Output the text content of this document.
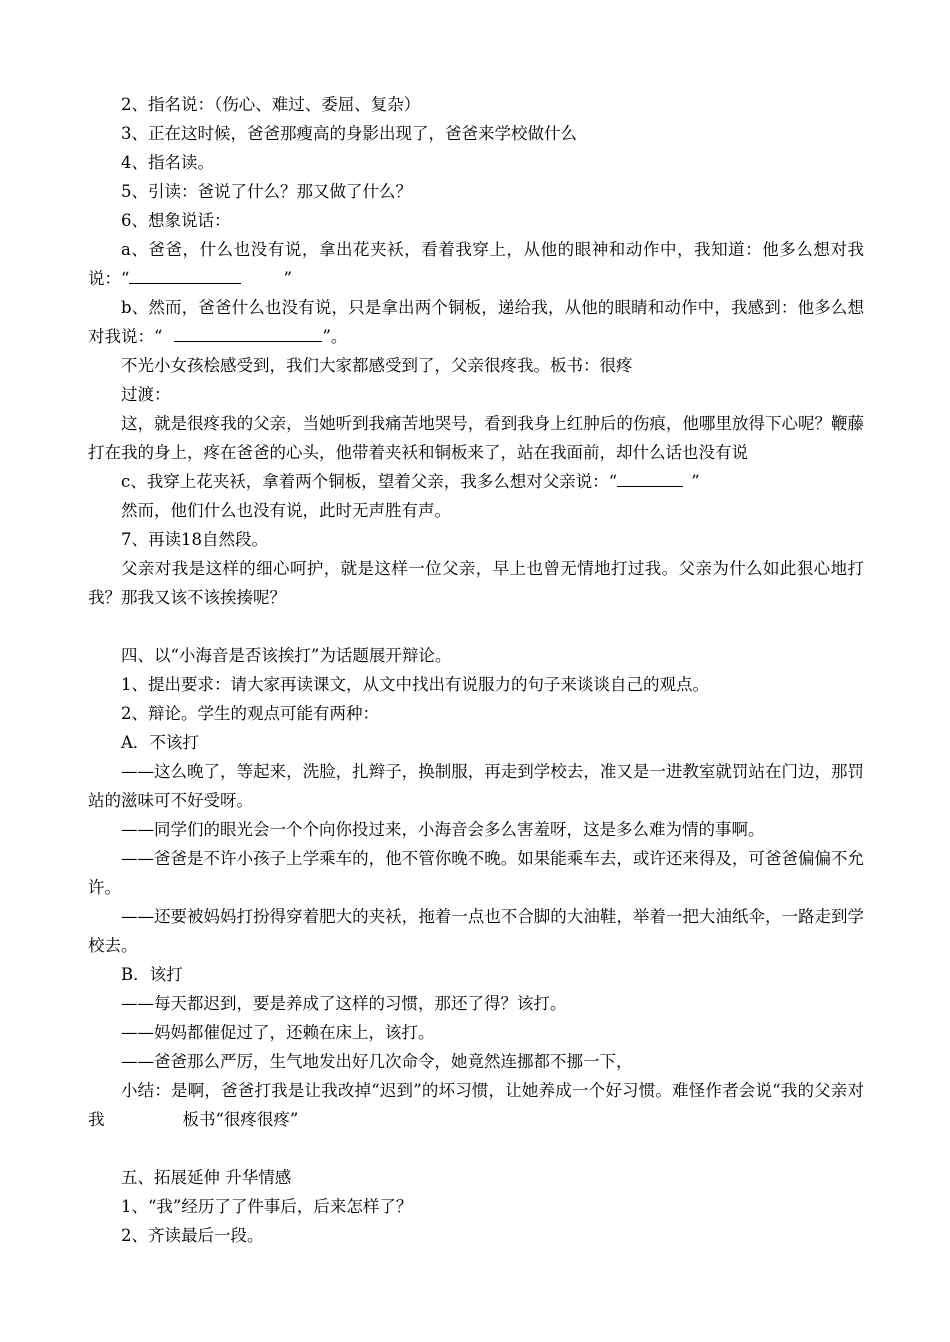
2、指名说：（伤心、难过、委屈、复杂）

3、正在这时候，爸爸那瘦高的身影出现了，爸爸来学校做什么

4、指名读。

5、引读：爸说了什么？那又做了什么？

6、想象说话：

a、爸爸，什么也没有说，拿出花夹袄，看着我穿上，从他的眼神和动作中，我知道：他多么想对我说：“	”

b、然而，爸爸什么也没有说，只是拿出两个铜板，递给我，从他的眼睛和动作中，我感到：他多么想对我说：“	”。

不光小女孩桧感受到，我们大家都感受到了，父亲很疼我。板书：很疼

过渡：

这，就是很疼我的父亲，当她听到我痛苦地哭号，看到我身上红肿后的伤痕，他哪里放得下心呢？鞭藤打在我的身上，疼在爸爸的心头，他带着夹袄和铜板来了，站在我面前，却什么话也没有说

c、我穿上花夹袄，拿着两个铜板，望着父亲，我多么想对父亲说：“	”

然而，他们什么也没有说，此时无声胜有声。

7、再读18自然段。

父亲对我是这样的细心呵护，就是这样一位父亲，早上也曾无情地打过我。父亲为什么如此狠心地打我？那我又该不该挨揍呢？

四、以“小海音是否该挨打”为话题展开辩论。

1、提出要求：请大家再读课文，从文中找出有说服力的句子来谈谈自己的观点。

2、辩论。学生的观点可能有两种：

A．不该打

——这么晚了，等起来，洗脸，扎辫子，换制服，再走到学校去，准又是一进教室就罚站在门边，那罚站的滋味可不好受呀。

——同学们的眼光会一个个向你投过来，小海音会多么害羞呀，这是多么难为情的事啊。

——爸爸是不许小孩子上学乘车的，他不管你晚不晚。如果能乘车去，或许还来得及，可爸爸偏偏不允许。

——还要被妈妈打扮得穿着肥大的夹袄，拖着一点也不合脚的大油鞋，举着一把大油纸伞，一路走到学校去。

B．该打

——每天都迟到，要是养成了这样的习惯，那还了得？该打。

——妈妈都催促过了，还赖在床上，该打。

——爸爸那么严厉，生气地发出好几次命令，她竟然连挪都不挪一下，

小结：是啊，爸爸打我是让我改掉“迟到”的坏习惯，让她养成一个好习惯。难怪作者会说“我的父亲对我	板书“很疼很疼”

五、拓展延伸 升华情感

1、“我”经历了了件事后，后来怎样了？

2、齐读最后一段。
